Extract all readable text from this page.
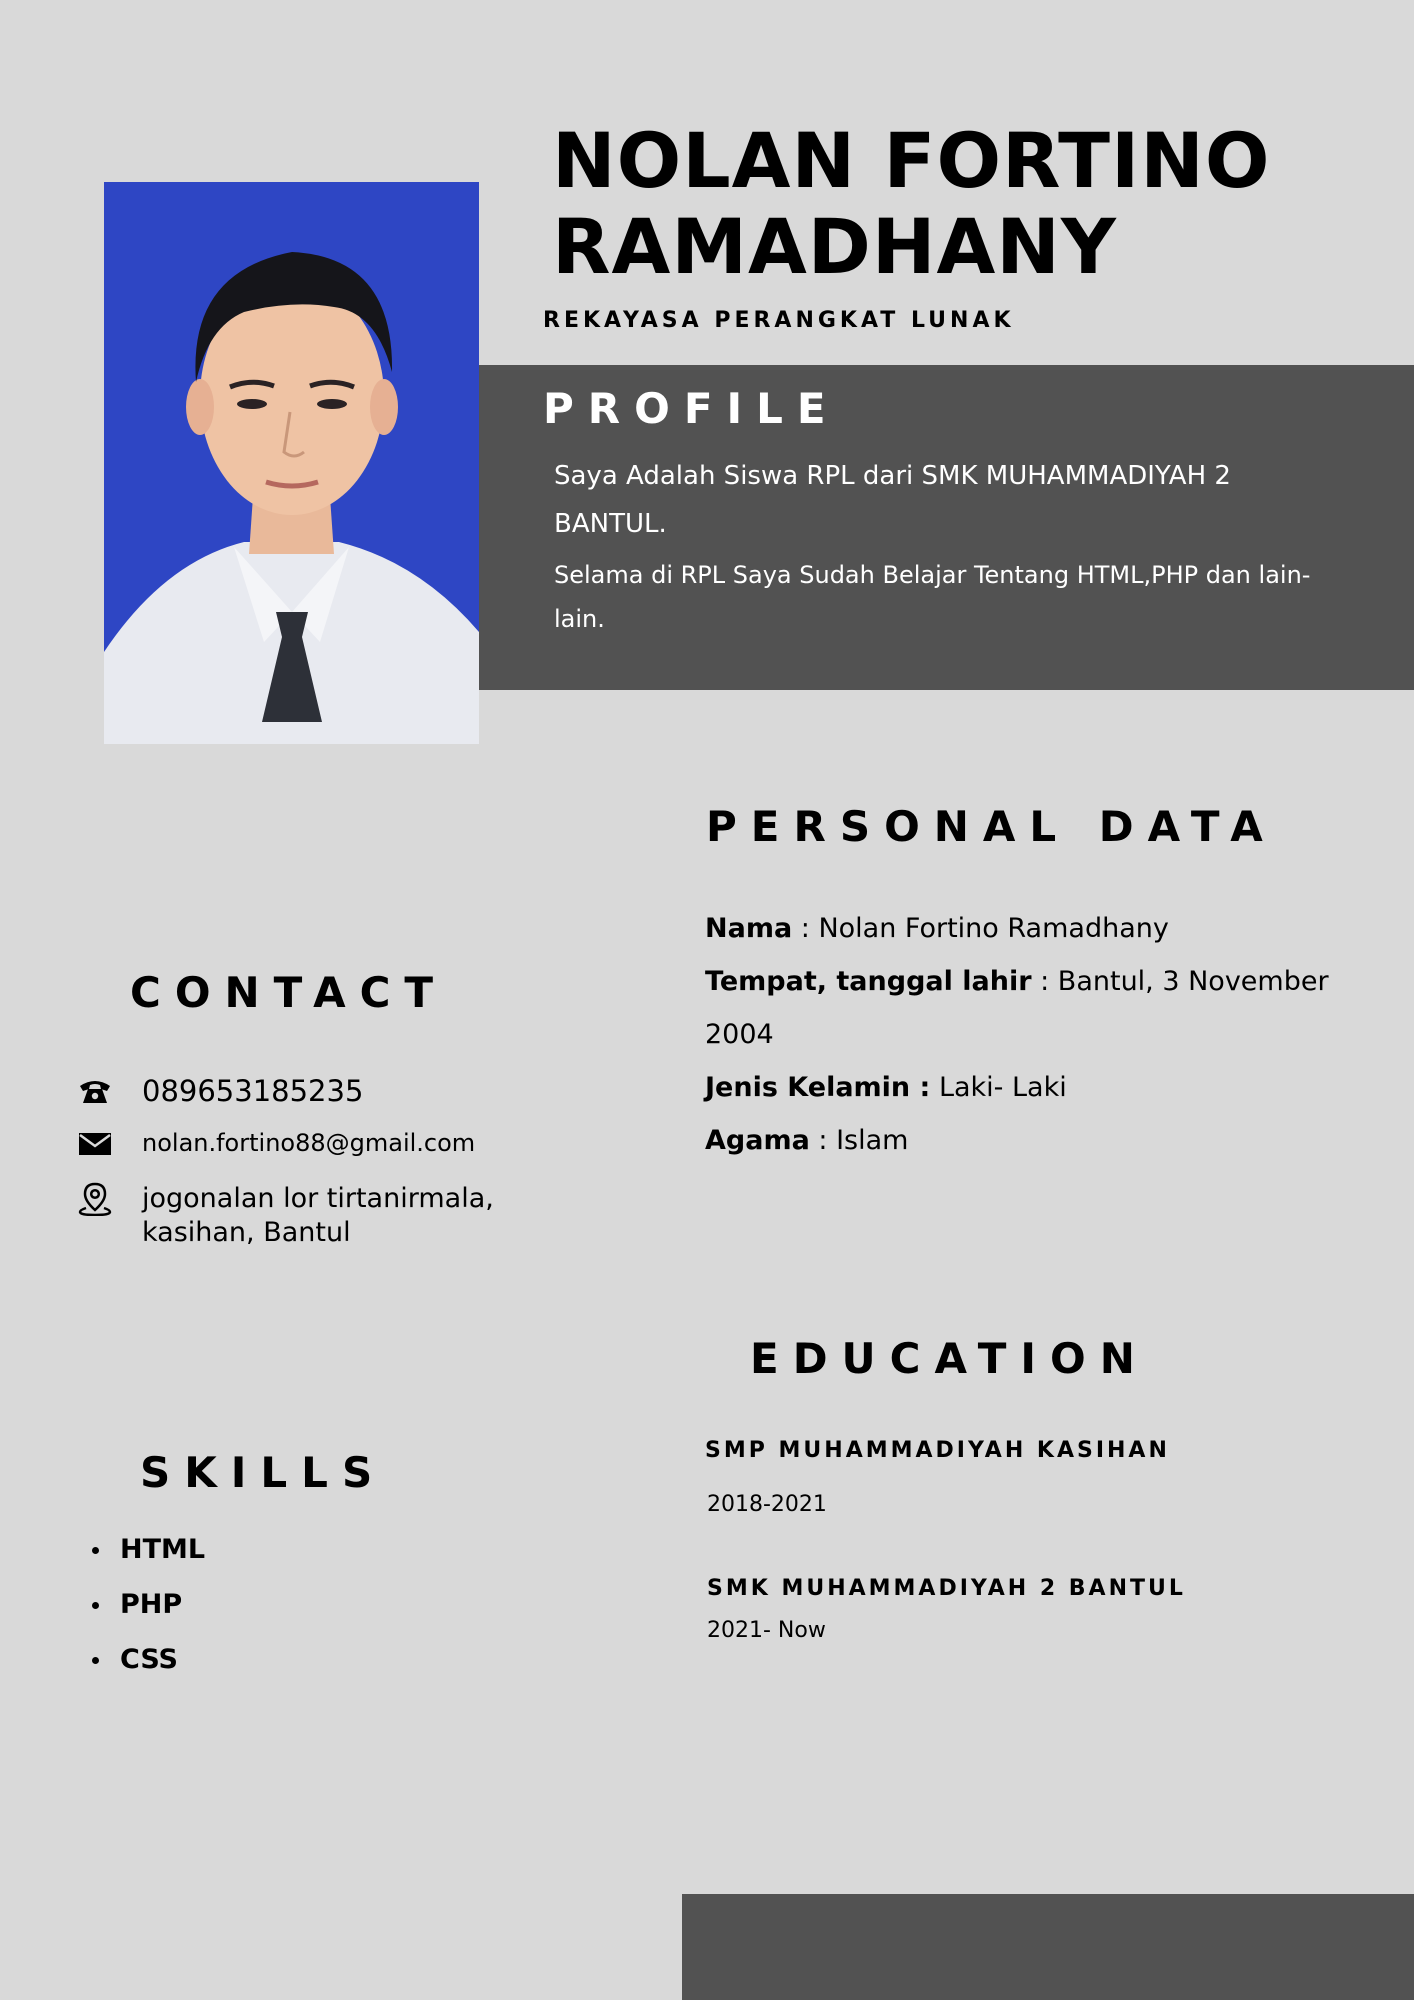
NOLAN FORTINO
RAMADHANY
REKAYASA PERANGKAT LUNAK
PROFILE
Saya Adalah Siswa RPL dari SMK MUHAMMADIYAH 2 BANTUL.
Selama di RPL Saya Sudah Belajar Tentang HTML,PHP dan lain-lain.
PERSONAL DATA
Nama : Nolan Fortino Ramadhany
Tempat, tanggal lahir : Bantul, 3 November 2004
Jenis Kelamin : Laki- Laki
Agama : Islam
CONTACT
089653185235
nolan.fortino88@gmail.com
jogonalan lor tirtanirmala, kasihan, Bantul
SKILLS
HTML
PHP
CSS
EDUCATION
SMP MUHAMMADIYAH KASIHAN
2018-2021
SMK MUHAMMADIYAH 2 BANTUL
2021- Now
